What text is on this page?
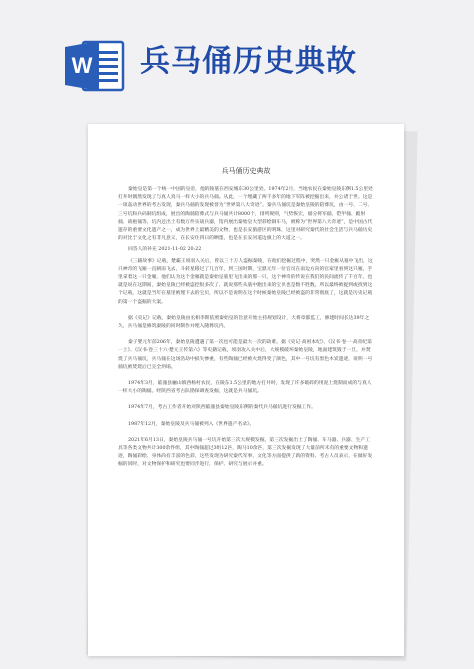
W 兵马俑历史典故
兵马俑历史典故

秦始皇是第一个统一中国的皇帝，他的陵墓在西安城东30公里处。1974年2月，当地农民在秦始皇陵东侧1.5公里处打井时偶然发现了与真人真马一样大小的兵马俑。从此，一个埋藏了两千多年的地下军阵被挖掘出来，并公诸于世。这是一项轰动世界的考古发现，秦兵马俑的发现被誉为“世界第八大奇迹”。秦兵马俑坑是秦始皇陵的陪葬坑，由一号、二号、三号坑和兵码铜坑组成，展出的陶俑陪葬式与兵马俑共计8000个，排列规则，气势恢宏，俑分将军俑、铠甲俑、跪射俑、战袍俑等，坑内还出土有数万件实战兵器，馆内展出秦始皇大型彩绘铜车马，被称为“世界第八大奇迹”，是中国古代遗存的重要文化遗产之一，成为世界上最精美的文物，也是长安旅游区的明珠，这里对研究秦代的社会生活与兵马俑历史的对比于文化之有非凡意义，在长安住四日的晒墨，也是在长安河道边旗上的大道之一。

回答人的补充 2021-11-02 20:22

《三辅故事》记载，楚霸王项羽入关后，曾以三十万人盗掘秦陵，在他们挖掘过程中，突然一只金雁从墓中飞出，这只神奇的飞雁一直朝南飞去，斗转星移过了几百年，到三国时期，宝鼎元年一位官员在南边方向的官家里看到这只雁，手里拿着这一只金雁，他们认为这个金雁就是秦始皇墓里飞出来的那一只，这个神奇的传说在我们的民间流传了千百年，也就是说在这期间，秦始皇陵已经被盗挖很多次了，就说那些从墓中跑出来的宝贝也是数不胜数。所以最终被捉到或找到这个记载，这就是当年在墓里被埋下去的宝贝，所以不是说明在这个时候秦始皇陵已经被盗的非常彻底了，这就是历史记载的第一个盗掘的大案。

据《史记》记载，秦始皇陵由丞相李斯依照秦始皇的旨意开始主持规划设计，大将章邯监工，修建时间长达39年之久，兵马俑是修筑秦陵的同时制作并埋入随葬坑内。

秦子婴元年前206年，秦始皇陵遭遇了第一次也可能是最大一次的劫难。据《史记·高祖本纪》、《汉书·卷一·高帝纪第一上》、《汉书·卷三十六·楚元王传第六》等史籍记载，项羽攻入关中后，大规模破坏秦始皇陵，地面建筑毁于一旦，并焚烧了兵马俑坑，兵马俑在这场浩劫中损失惨重，有些陶俑已经被火烧得变了颜色，其中一号坑有黑色木炭遗迹，说明一号俑坑被焚烧后已完全坍塌。

1974年3月，临潼县骊山镇西杨村农民，在陵东1.5公里的地方打井时，发现了许多破碎的用泥土烧制而成的与真人一样大小的陶俑。经陕西省考古队勘探调查发掘，这就是兵马俑坑。

1974年7月，考古工作者开始对陕西临潼县秦始皇陵东侧的秦代兵马俑坑进行发掘工作。

1987年12月，秦始皇陵及兵马俑被列入《世界遗产名录》。

2021年6月13日，秦始皇陵兵马俑一号坑开始第三次大规模发掘，第三次发掘出土了陶俑、车马器、兵器、生产工具等各类文物共计300余件组，其中陶俑超过3组12匹，陶马10余匹，第三次发掘发现了大量前所未有的重要文物和遗迹，陶俑彩绘、身体尚有丰富的色彩，这些发现为研究秦代军事、文化等方面提供了新的资料。考古人员表示，在做好发掘的同时，对文物保护和研究也要同步进行，保护、研究与展示并重。
